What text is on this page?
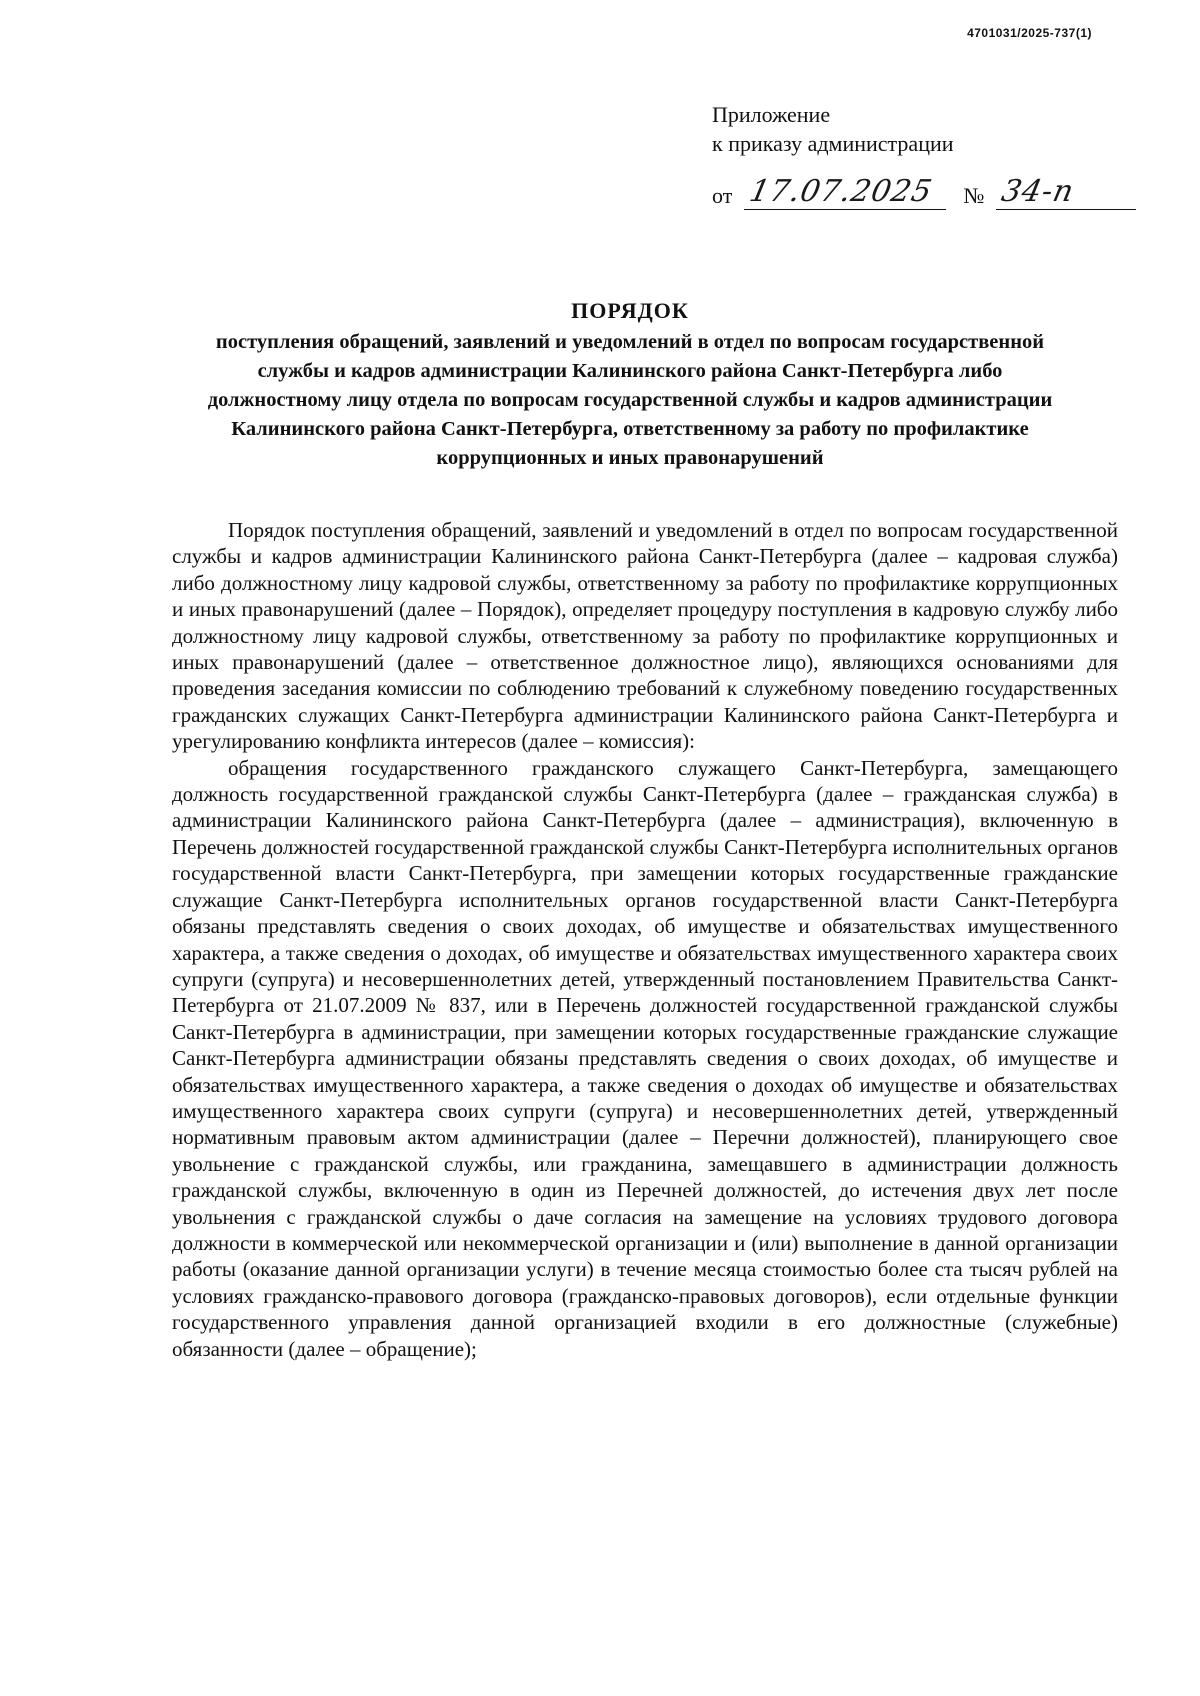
4701031/2025-737(1)
Приложение
к приказу администрации
от 17.07.2025 № 34-п
ПОРЯДОК
поступления обращений, заявлений и уведомлений в отдел по вопросам государственной службы и кадров администрации Калининского района Санкт-Петербурга либо должностному лицу отдела по вопросам государственной службы и кадров администрации Калининского района Санкт-Петербурга, ответственному за работу по профилактике коррупционных и иных правонарушений

Порядок поступления обращений, заявлений и уведомлений в отдел по вопросам государственной службы и кадров администрации Калининского района Санкт-Петербурга (далее – кадровая служба) либо должностному лицу кадровой службы, ответственному за работу по профилактике коррупционных и иных правонарушений (далее – Порядок), определяет процедуру поступления в кадровую службу либо должностному лицу кадровой службы, ответственному за работу по профилактике коррупционных и иных правонарушений (далее – ответственное должностное лицо), являющихся основаниями для проведения заседания комиссии по соблюдению требований к служебному поведению государственных гражданских служащих Санкт-Петербурга администрации Калининского района Санкт-Петербурга и урегулированию конфликта интересов (далее – комиссия):

обращения государственного гражданского служащего Санкт-Петербурга, замещающего должность государственной гражданской службы Санкт-Петербурга (далее – гражданская служба) в администрации Калининского района Санкт-Петербурга (далее – администрация), включенную в Перечень должностей государственной гражданской службы Санкт-Петербурга исполнительных органов государственной власти Санкт-Петербурга, при замещении которых государственные гражданские служащие Санкт-Петербурга исполнительных органов государственной власти Санкт-Петербурга обязаны представлять сведения о своих доходах, об имуществе и обязательствах имущественного характера, а также сведения о доходах, об имуществе и обязательствах имущественного характера своих супруги (супруга) и несовершеннолетних детей, утвержденный постановлением Правительства Санкт-Петербурга от 21.07.2009 № 837, или в Перечень должностей государственной гражданской службы Санкт-Петербурга в администрации, при замещении которых государственные гражданские служащие Санкт-Петербурга администрации обязаны представлять сведения о своих доходах, об имуществе и обязательствах имущественного характера, а также сведения о доходах об имуществе и обязательствах имущественного характера своих супруги (супруга) и несовершеннолетних детей, утвержденный нормативным правовым актом администрации (далее – Перечни должностей), планирующего свое увольнение с гражданской службы, или гражданина, замещавшего в администрации должность гражданской службы, включенную в один из Перечней должностей, до истечения двух лет после увольнения с гражданской службы о даче согласия на замещение на условиях трудового договора должности в коммерческой или некоммерческой организации и (или) выполнение в данной организации работы (оказание данной организации услуги) в течение месяца стоимостью более ста тысяч рублей на условиях гражданско-правового договора (гражданско-правовых договоров), если отдельные функции государственного управления данной организацией входили в его должностные (служебные) обязанности (далее – обращение);
